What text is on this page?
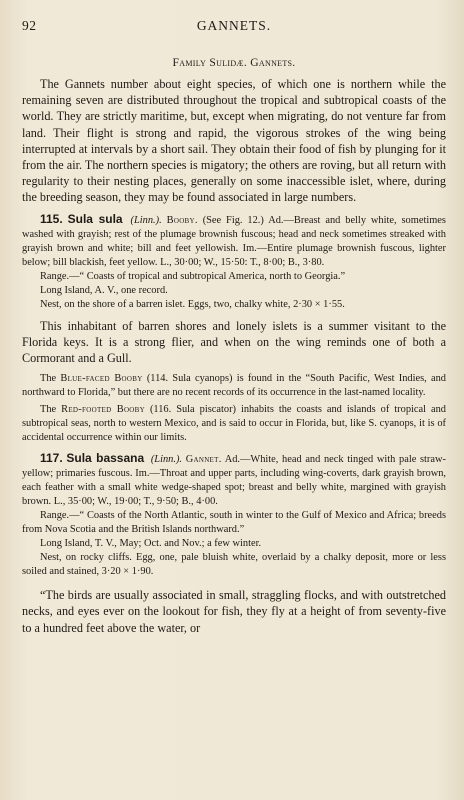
92	GANNETS.
Family Sulidæ. Gannets.

The Gannets number about eight species, of which one is northern while the remaining seven are distributed throughout the tropical and subtropical coasts of the world. They are strictly maritime, but, except when migrating, do not venture far from land. Their flight is strong and rapid, the vigorous strokes of the wing being interrupted at intervals by a short sail. They obtain their food of fish by plunging for it from the air. The northern species is migatory; the others are roving, but all return with regularity to their nesting places, generally on some inaccessible islet, where, during the breeding season, they may be found associated in large numbers.

115. Sula sula (Linn.). Booby. (See Fig. 12.) Ad.—Breast and belly white, sometimes washed with grayish; rest of the plumage brownish fuscous; head and neck sometimes streaked with grayish brown and white; bill and feet yellowish. Im.—Entire plumage brownish fuscous, lighter below; bill blackish, feet yellow. L., 30·00; W., 15·50: T., 8·00; B., 3·80.

Range.—“ Coasts of tropical and subtropical America, north to Georgia.”

Long Island, A. V., one record.

Nest, on the shore of a barren islet. Eggs, two, chalky white, 2·30 × 1·55.

This inhabitant of barren shores and lonely islets is a summer visitant to the Florida keys. It is a strong flier, and when on the wing reminds one of both a Cormorant and a Gull.

The Blue-faced Booby (114. Sula cyanops) is found in the “South Pacific, West Indies, and northward to Florida,” but there are no recent records of its occurrence in the last-named locality.

The Red-footed Booby (116. Sula piscator) inhabits the coasts and islands of tropical and subtropical seas, north to western Mexico, and is said to occur in Florida, but, like S. cyanops, it is of accidental occurrence within our limits.

117. Sula bassana (Linn.). Gannet. Ad.—White, head and neck tinged with pale straw-yellow; primaries fuscous. Im.—Throat and upper parts, including wing-coverts, dark grayish brown, each feather with a small white wedge-shaped spot; breast and belly white, margined with grayish brown. L., 35·00; W., 19·00; T., 9·50; B., 4·00.

Range.—“ Coasts of the North Atlantic, south in winter to the Gulf of Mexico and Africa; breeds from Nova Scotia and the British Islands northward.”

Long Island, T. V., May; Oct. and Nov.; a few winter.

Nest, on rocky cliffs. Egg, one, pale bluish white, overlaid by a chalky deposit, more or less soiled and stained, 3·20 × 1·90.

“The birds are usually associated in small, straggling flocks, and with outstretched necks, and eyes ever on the lookout for fish, they fly at a height of from seventy-five to a hundred feet above the water, or
